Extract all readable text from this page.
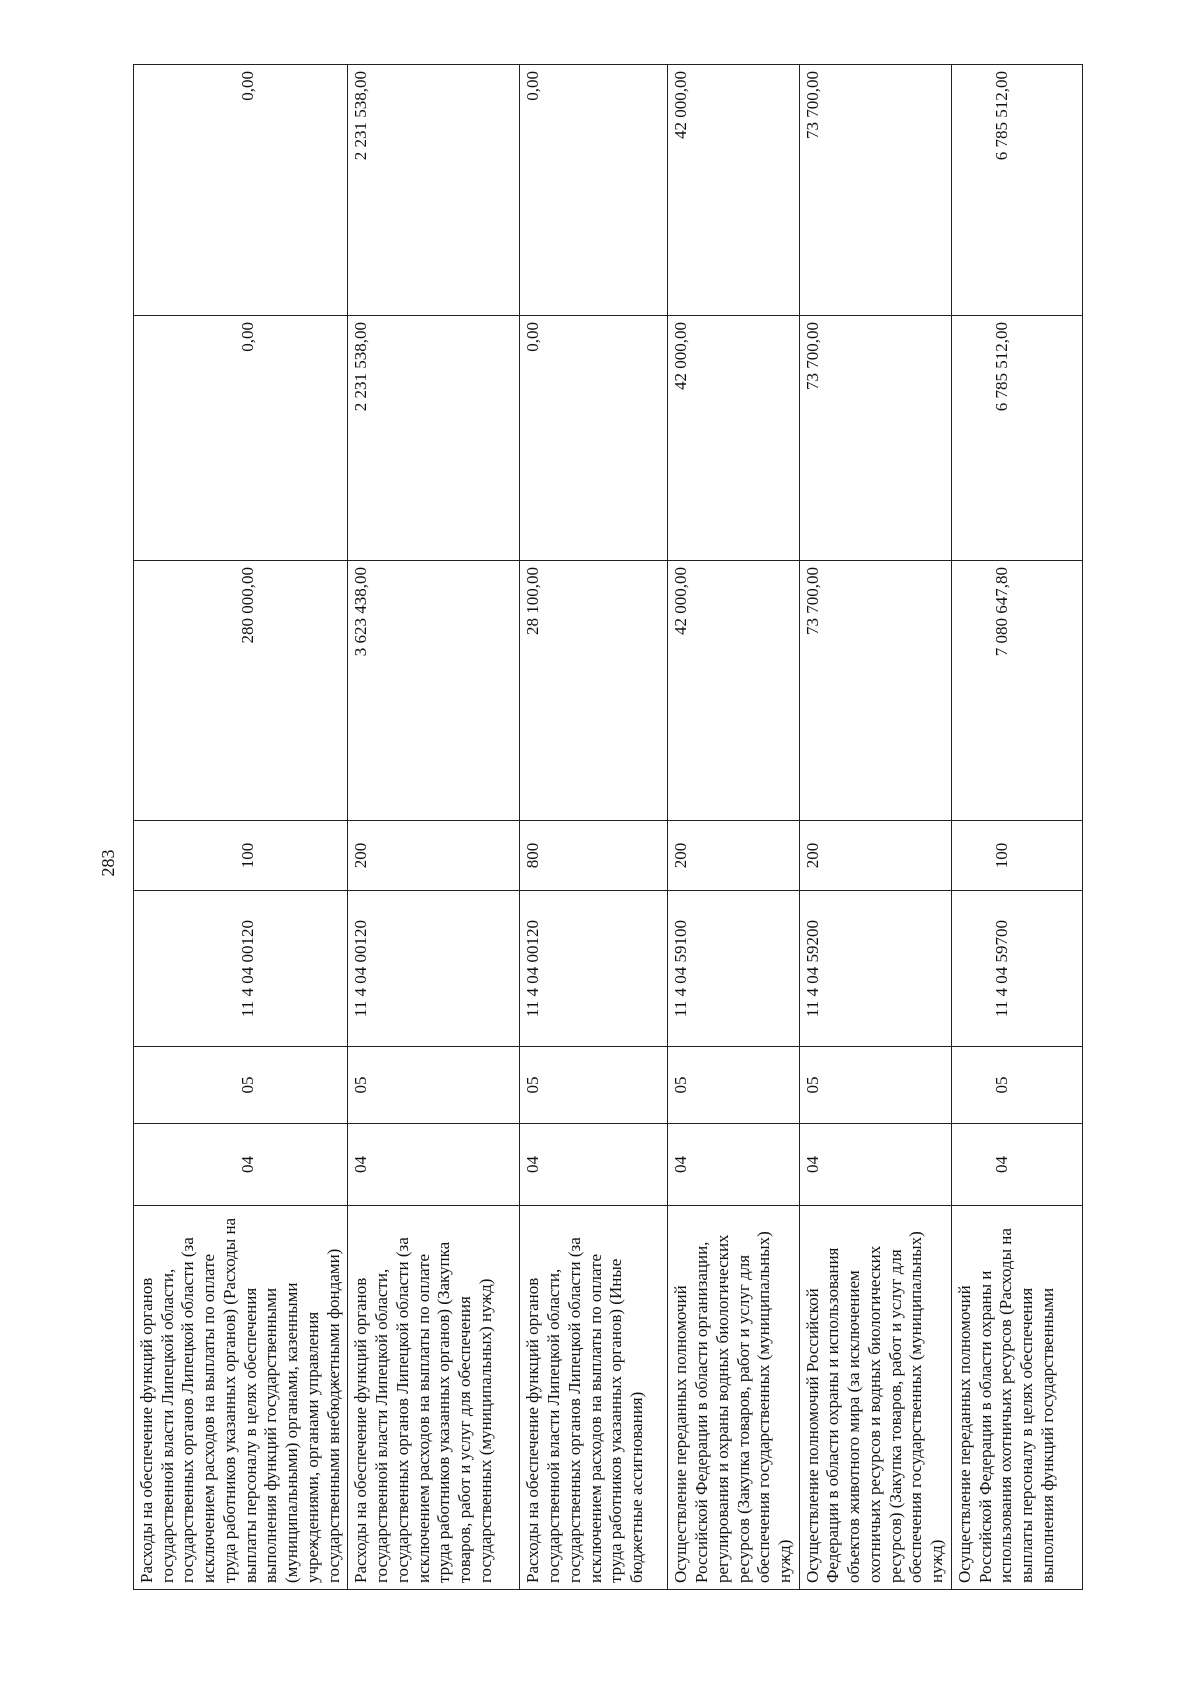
283
Расходы на обеспечение функций органов государственной власти Липецкой области, государственных органов Липецкой области (за исключением расходов на выплаты по оплате труда работников указанных органов) (Расходы на выплаты персоналу в целях обеспечения выполнения функций государственными (муниципальными) органами, казенными учреждениями, органами управления государственными внебюджетными фондами)	04	05	11 4 04 00120	100	280 000,00	0,00	0,00
Расходы на обеспечение функций органов государственной власти Липецкой области, государственных органов Липецкой области (за исключением расходов на выплаты по оплате труда работников указанных органов) (Закупка товаров, работ и услуг для обеспечения государственных (муниципальных) нужд)	04	05	11 4 04 00120	200	3 623 438,00	2 231 538,00	2 231 538,00
Расходы на обеспечение функций органов государственной власти Липецкой области, государственных органов Липецкой области (за исключением расходов на выплаты по оплате труда работников указанных органов) (Иные бюджетные ассигнования)	04	05	11 4 04 00120	800	28 100,00	0,00	0,00
Осуществление переданных полномочий Российской Федерации в области организации, регулирования и охраны водных биологических ресурсов (Закупка товаров, работ и услуг для обеспечения государственных (муниципальных) нужд)	04	05	11 4 04 59100	200	42 000,00	42 000,00	42 000,00
Осуществление полномочий Российской Федерации в области охраны и использования объектов животного мира (за исключением охотничьих ресурсов и водных биологических ресурсов) (Закупка товаров, работ и услуг для обеспечения государственных (муниципальных) нужд)	04	05	11 4 04 59200	200	73 700,00	73 700,00	73 700,00
Осуществление переданных полномочий Российской Федерации в области охраны и использования охотничьих ресурсов (Расходы на выплаты персоналу в целях обеспечения выполнения функций государственными	04	05	11 4 04 59700	100	7 080 647,80	6 785 512,00	6 785 512,00
